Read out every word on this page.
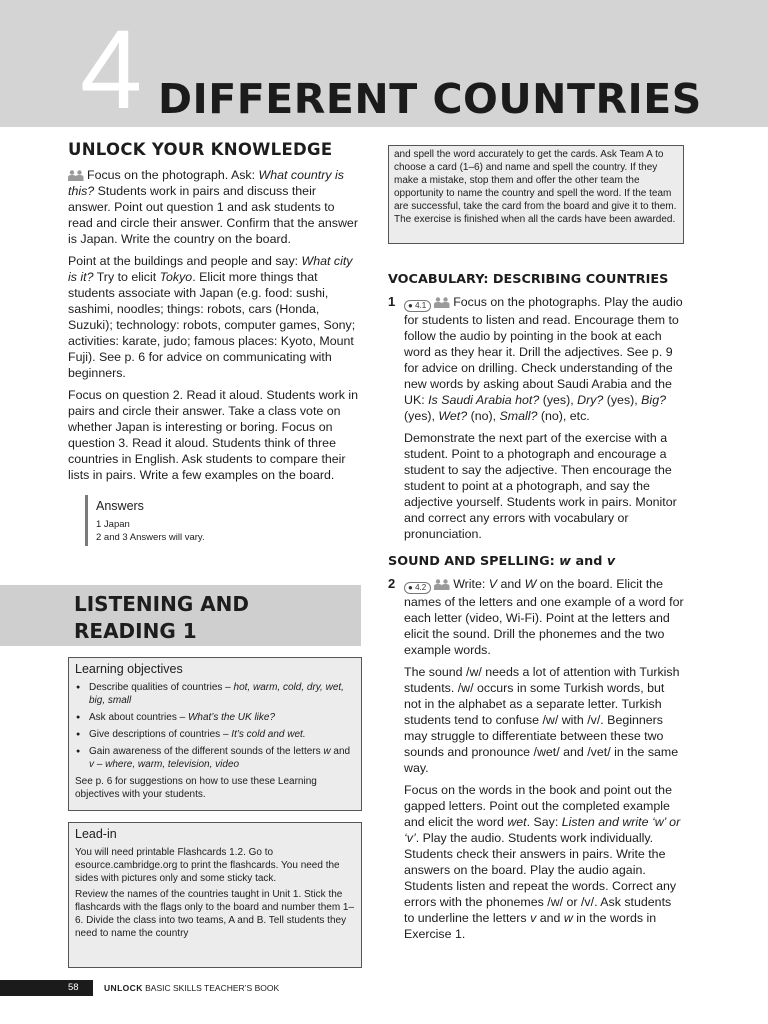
4 DIFFERENT COUNTRIES
UNLOCK YOUR KNOWLEDGE

Focus on the photograph. Ask: What country is this? Students work in pairs and discuss their answer. Point out question 1 and ask students to read and circle their answer. Confirm that the answer is Japan. Write the country on the board.

Point at the buildings and people and say: What city is it? Try to elicit Tokyo. Elicit more things that students associate with Japan (e.g. food: sushi, sashimi, noodles; things: robots, cars (Honda, Suzuki); technology: robots, computer games, Sony; activities: karate, judo; famous places: Kyoto, Mount Fuji). See p. 6 for advice on communicating with beginners.

Focus on question 2. Read it aloud. Students work in pairs and circle their answer. Take a class vote on whether Japan is interesting or boring. Focus on question 3. Read it aloud. Students think of three countries in English. Ask students to compare their lists in pairs. Write a few examples on the board.

Answers
1 Japan
2 and 3 Answers will vary.
LISTENING AND
READING 1
Learning objectives
● Describe qualities of countries – hot, warm, cold, dry, wet, big, small
● Ask about countries – What’s the UK like?
● Give descriptions of countries – It’s cold and wet.
● Gain awareness of the different sounds of the letters w and v – where, warm, television, video
See p. 6 for suggestions on how to use these Learning objectives with your students.
Lead-in

You will need printable Flashcards 1.2. Go to esource.cambridge.org to print the flashcards. You need the sides with pictures only and some sticky tack.

Review the names of the countries taught in Unit 1. Stick the flashcards with the flags only to the board and number them 1–6. Divide the class into two teams, A and B. Tell students they need to name the country

and spell the word accurately to get the cards. Ask Team A to choose a card (1–6) and name and spell the country. If they make a mistake, stop them and offer the other team the opportunity to name the country and spell the word. If the team are successful, take the card from the board and give it to them. The exercise is finished when all the cards have been awarded.

VOCABULARY: DESCRIBING COUNTRIES
1	● 4.1 Focus on the photographs. Play the audio for students to listen and read. Encourage them to follow the audio by pointing in the book at each word as they hear it. Drill the adjectives. See p. 9 for advice on drilling. Check understanding of the new words by asking about Saudi Arabia and the UK: Is Saudi Arabia hot? (yes), Dry? (yes), Big? (yes), Wet? (no), Small? (no), etc.

Demonstrate the next part of the exercise with a student. Point to a photograph and encourage a student to say the adjective. Then encourage the student to point at a photograph, and say the adjective yourself. Students work in pairs. Monitor and correct any errors with vocabulary or pronunciation.

SOUND AND SPELLING: w and v
2	● 4.2 Write: V and W on the board. Elicit the names of the letters and one example of a word for each letter (video, Wi-Fi). Point at the letters and elicit the sound. Drill the phonemes and the two example words.

The sound /w/ needs a lot of attention with Turkish students. /w/ occurs in some Turkish words, but not in the alphabet as a separate letter. Turkish students tend to confuse /w/ with /v/. Beginners may struggle to differentiate between these two sounds and pronounce /wet/ and /vet/ in the same way.

Focus on the words in the book and point out the gapped letters. Point out the completed example and elicit the word wet. Say: Listen and write ‘w’ or ‘v’. Play the audio. Students work individually. Students check their answers in pairs. Write the answers on the board. Play the audio again. Students listen and repeat the words. Correct any errors with the phonemes /w/ or /v/. Ask students to underline the letters v and w in the words in Exercise 1.

58	UNLOCK BASIC SKILLS TEACHER’S BOOK
